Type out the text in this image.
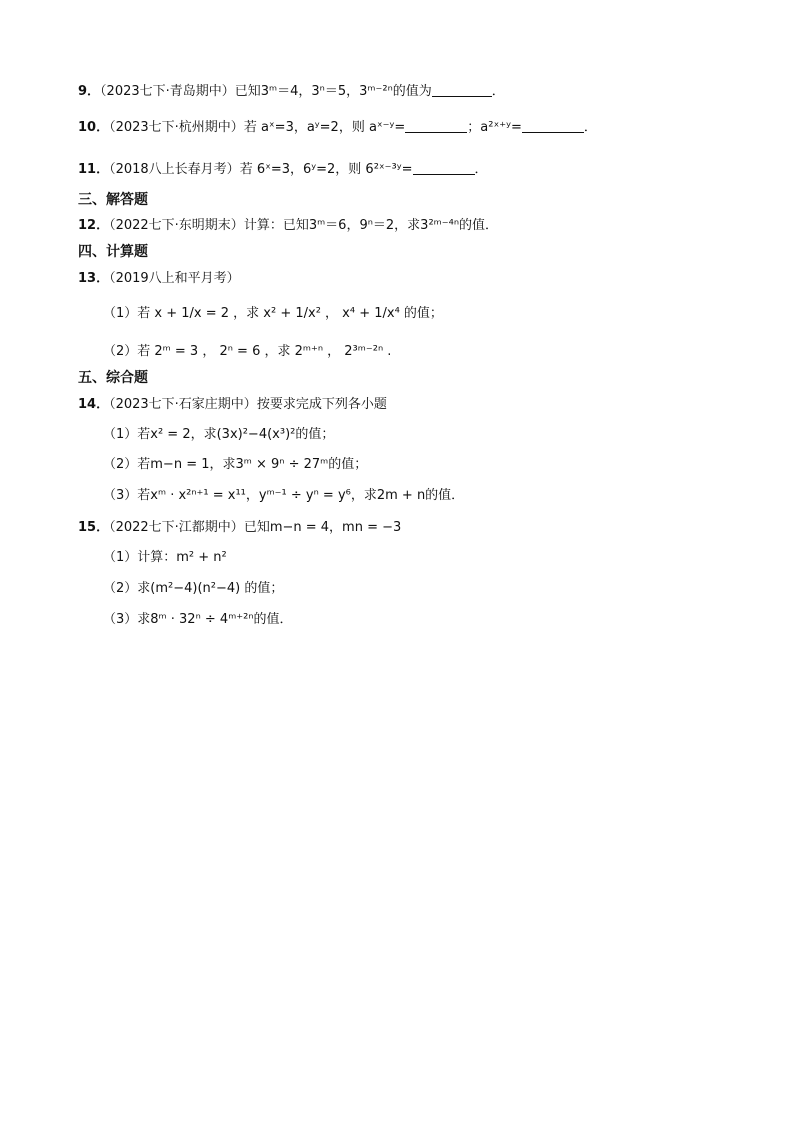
9．（2023七下·青岛期中）已知3ᵐ＝4，3ⁿ＝5，3ᵐ⁻²ⁿ的值为	．
10．（2023七下·杭州期中）若 aˣ=3，aʸ=2，则 aˣ⁻ʸ=	；a²ˣ⁺ʸ=	．
11．（2018八上长春月考）若 6ˣ=3，6ʸ=2，则 6²ˣ⁻³ʸ=	．
三、解答题
12．（2022七下·东明期末）计算：已知3ᵐ＝6，9ⁿ＝2，求3²ᵐ⁻⁴ⁿ的值．
四、计算题
13．（2019八上和平月考）
（1）若 x + 1/x = 2 ，求 x² + 1/x² ， x⁴ + 1/x⁴ 的值；
（2）若 2ᵐ = 3 ， 2ⁿ = 6 ，求 2ᵐ⁺ⁿ ， 2³ᵐ⁻²ⁿ .
五、综合题
14．（2023七下·石家庄期中）按要求完成下列各小题
（1）若x² = 2，求(3x)²−4(x³)²的值；
（2）若m−n = 1，求3ᵐ × 9ⁿ ÷ 27ᵐ的值；
（3）若xᵐ · x²ⁿ⁺¹ = x¹¹，yᵐ⁻¹ ÷ yⁿ = y⁶，求2m + n的值．
15．（2022七下·江都期中）已知m−n = 4，mn = −3
（1）计算：m² + n²
（2）求(m²−4)(n²−4) 的值；
（3）求8ᵐ · 32ⁿ ÷ 4ᵐ⁺²ⁿ的值．
